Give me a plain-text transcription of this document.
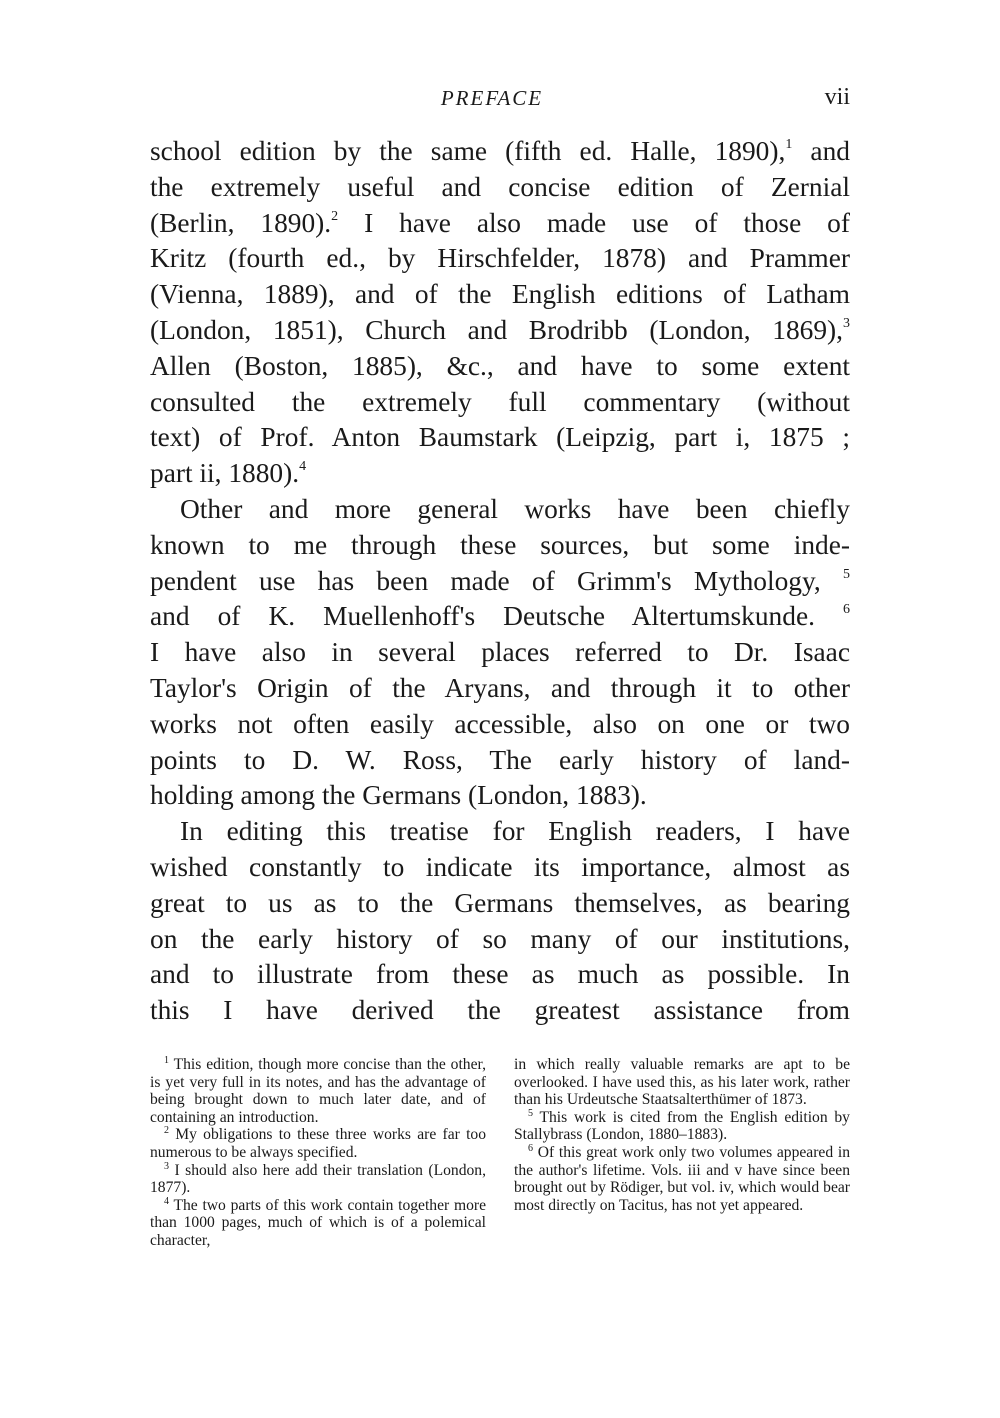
PREFACE	vii

school edition by the same (fifth ed. Halle, 1890),$^1$ and
the extremely useful and concise edition of Zernial
(Berlin, 1890).$^2$ I have also made use of those of
Kritz (fourth ed., by Hirschfelder, 1878) and Prammer
(Vienna, 1889), and of the English editions of Latham
(London, 1851), Church and Brodribb (London, 1869),$^3$
Allen (Boston, 1885), &c., and have to some extent
consulted the extremely full commentary (without
text) of Prof. Anton Baumstark (Leipzig, part i, 1875 ;
part ii, 1880).$^4$

Other and more general works have been chiefly
known to me through these sources, but some inde-
pendent use has been made of Grimm's Mythology, $^5$
and of K. Muellenhoff's Deutsche Altertumskunde. $^6$
I have also in several places referred to Dr. Isaac
Taylor's Origin of the Aryans, and through it to other
works not often easily accessible, also on one or two
points to D. W. Ross, The early history of land-
holding among the Germans (London, 1883).

In editing this treatise for English readers, I have
wished constantly to indicate its importance, almost as
great to us as to the Germans themselves, as bearing
on the early history of so many of our institutions,
and to illustrate from these as much as possible. In
this I have derived the greatest assistance from

$^1$ This edition, though more concise than the other, is yet very full in its notes, and has the advantage of being brought down to much later date, and of containing an introduction.

$^2$ My obligations to these three works are far too numerous to be always specified.

$^3$ I should also here add their translation (London, 1877).

$^4$ The two parts of this work contain together more than 1000 pages, much of which is of a polemical character,

in which really valuable remarks are apt to be overlooked. I have used this, as his later work, rather than his Urdeutsche Staatsalterthümer of 1873.

$^5$ This work is cited from the English edition by Stallybrass (London, 1880–1883).

$^6$ Of this great work only two volumes appeared in the author's lifetime. Vols. iii and v have since been brought out by Rödiger, but vol. iv, which would bear most directly on Tacitus, has not yet appeared.
